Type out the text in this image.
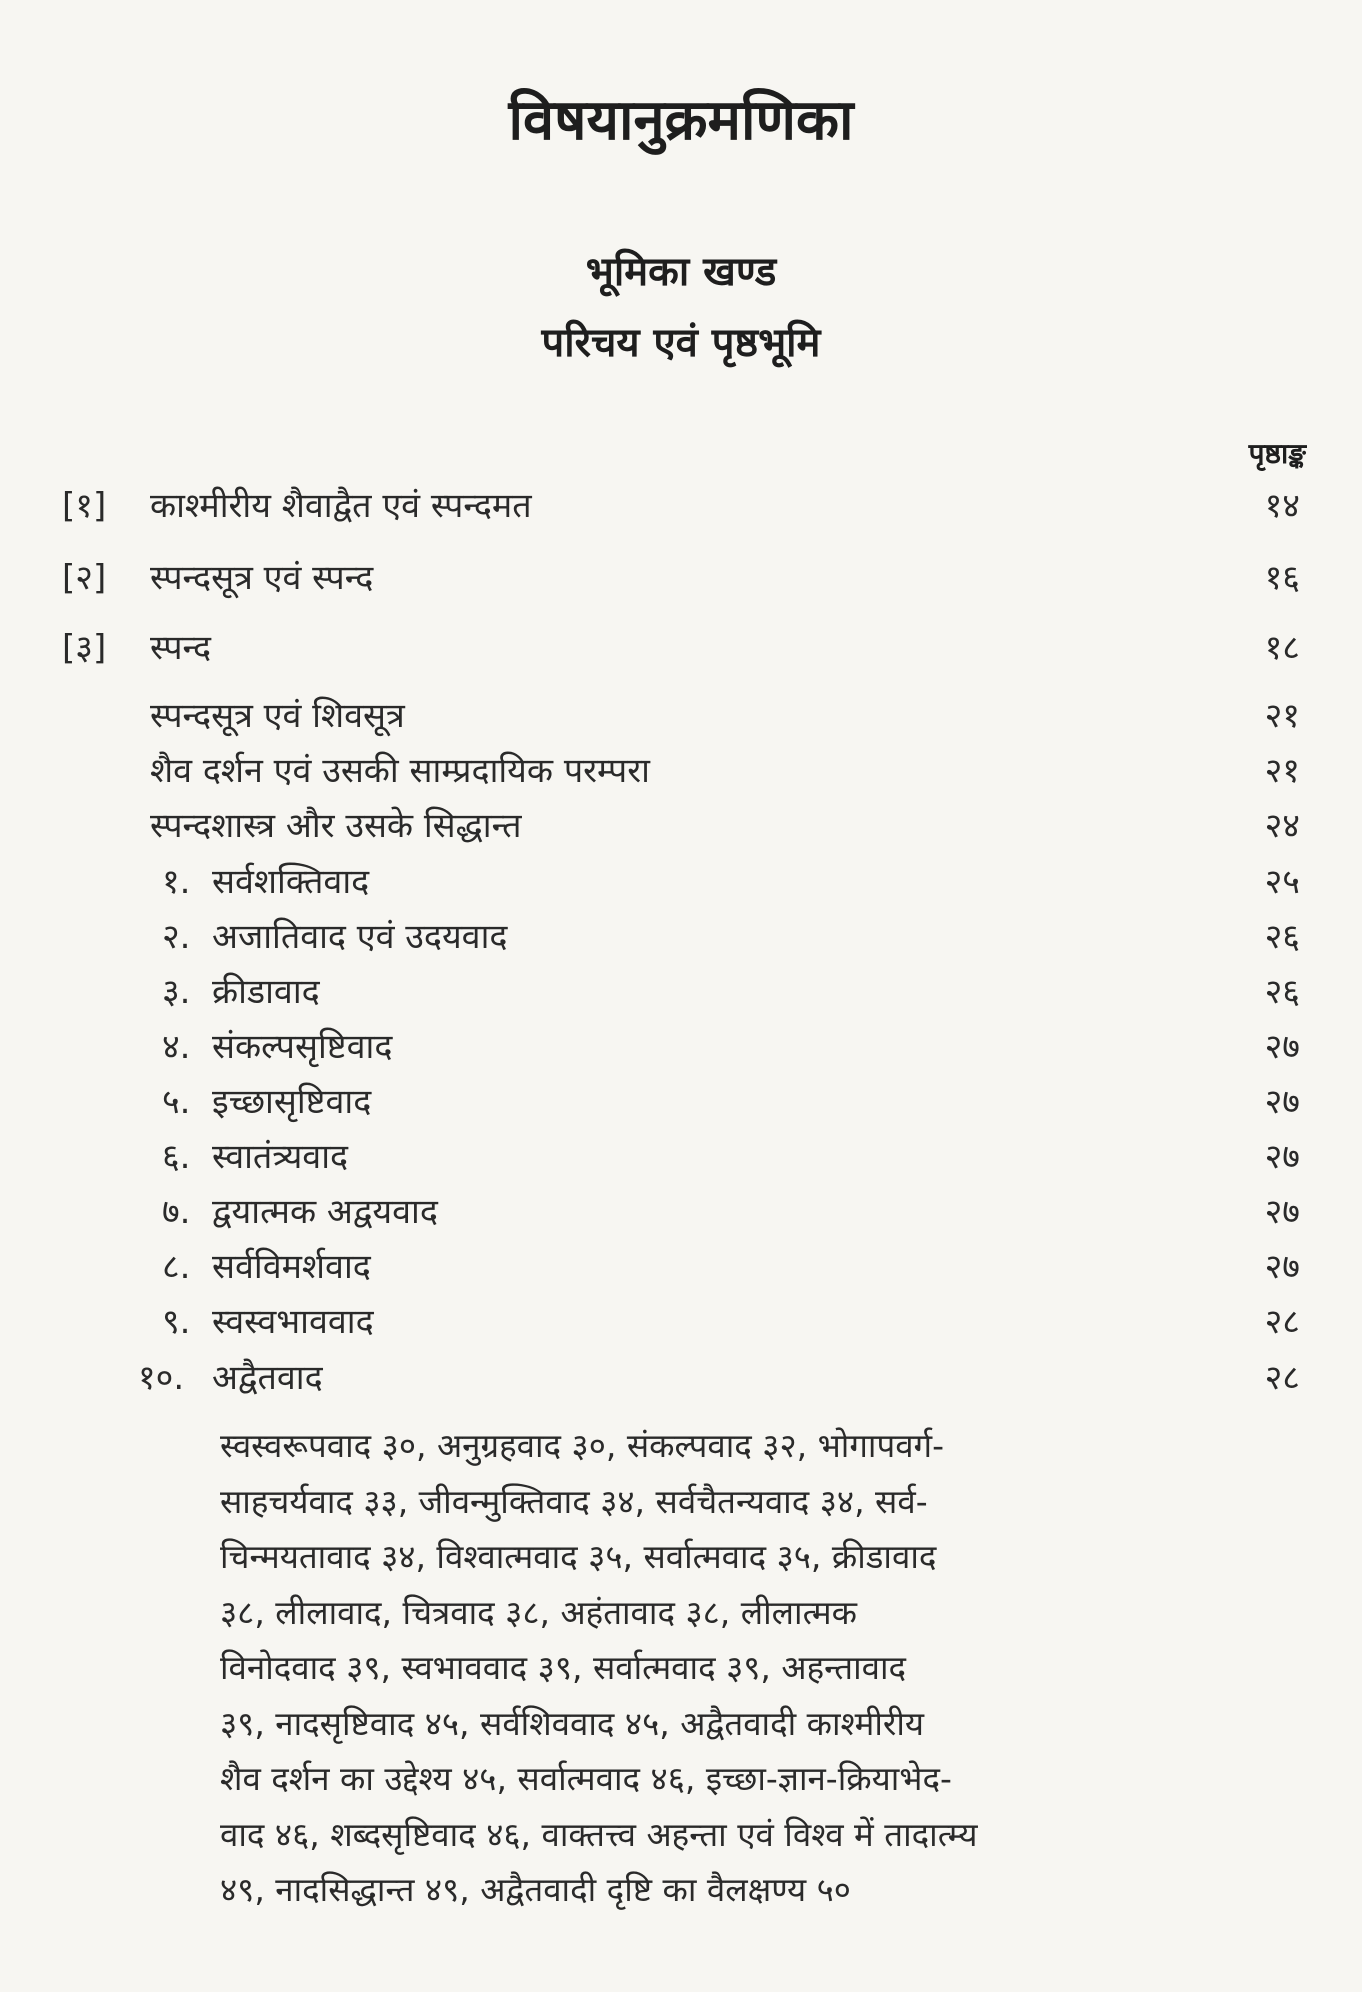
विषयानुक्रमणिका
भूमिका खण्ड
परिचय एवं पृष्ठभूमि
पृष्ठाङ्क
[१] काश्मीरीय शैवाद्वैत एवं स्पन्दमत	१४
[२] स्पन्दसूत्र एवं स्पन्द	१६
[३] स्पन्द	१८
स्पन्दसूत्र एवं शिवसूत्र	२१
शैव दर्शन एवं उसकी साम्प्रदायिक परम्परा	२१
स्पन्दशास्त्र और उसके सिद्धान्त	२४
१. सर्वशक्तिवाद	२५
२. अजातिवाद एवं उदयवाद	२६
३. क्रीडावाद	२६
४. संकल्पसृष्टिवाद	२७
५. इच्छासृष्टिवाद	२७
६. स्वातंत्र्यवाद	२७
७. द्वयात्मक अद्वयवाद	२७
८. सर्वविमर्शवाद	२७
९. स्वस्वभाववाद	२८
१०. अद्वैतवाद	२८
स्वस्वरूपवाद ३०, अनुग्रहवाद ३०, संकल्पवाद ३२, भोगापवर्ग-
साहचर्यवाद ३३, जीवन्मुक्तिवाद ३४, सर्वचैतन्यवाद ३४, सर्व-
चिन्मयतावाद ३४, विश्वात्मवाद ३५, सर्वात्मवाद ३५, क्रीडावाद
३८, लीलावाद, चित्रवाद ३८, अहंतावाद ३८, लीलात्मक
विनोदवाद ३९, स्वभाववाद ३९, सर्वात्मवाद ३९, अहन्तावाद
३९, नादसृष्टिवाद ४५, सर्वशिववाद ४५, अद्वैतवादी काश्मीरीय
शैव दर्शन का उद्देश्य ४५, सर्वात्मवाद ४६, इच्छा-ज्ञान-क्रियाभेद-
वाद ४६, शब्दसृष्टिवाद ४६, वाक्तत्त्व अहन्ता एवं विश्व में तादात्म्य
४९, नादसिद्धान्त ४९, अद्वैतवादी दृष्टि का वैलक्षण्य ५०
